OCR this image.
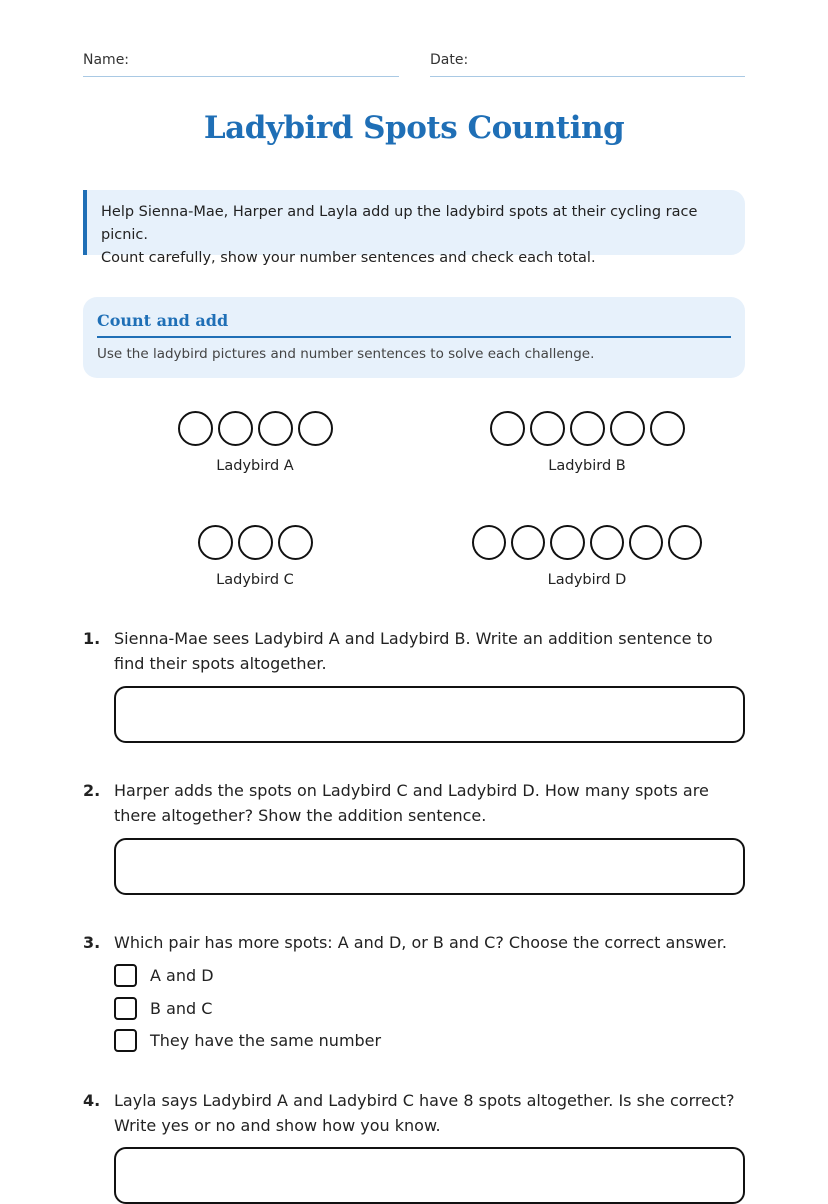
Name:	Date:
Ladybird Spots Counting
Help Sienna-Mae, Harper and Layla add up the ladybird spots at their cycling race picnic.
Count carefully, show your number sentences and check each total.
Count and add
Use the ladybird pictures and number sentences to solve each challenge.
Ladybird A	Ladybird B
Ladybird C	Ladybird D
1. Sienna-Mae sees Ladybird A and Ladybird B. Write an addition sentence to find their spots altogether.
2. Harper adds the spots on Ladybird C and Ladybird D. How many spots are there altogether? Show the addition sentence.
3. Which pair has more spots: A and D, or B and C? Choose the correct answer.
A and D
B and C
They have the same number
4. Layla says Ladybird A and Ladybird C have 8 spots altogether. Is she correct? Write yes or no and show how you know.
